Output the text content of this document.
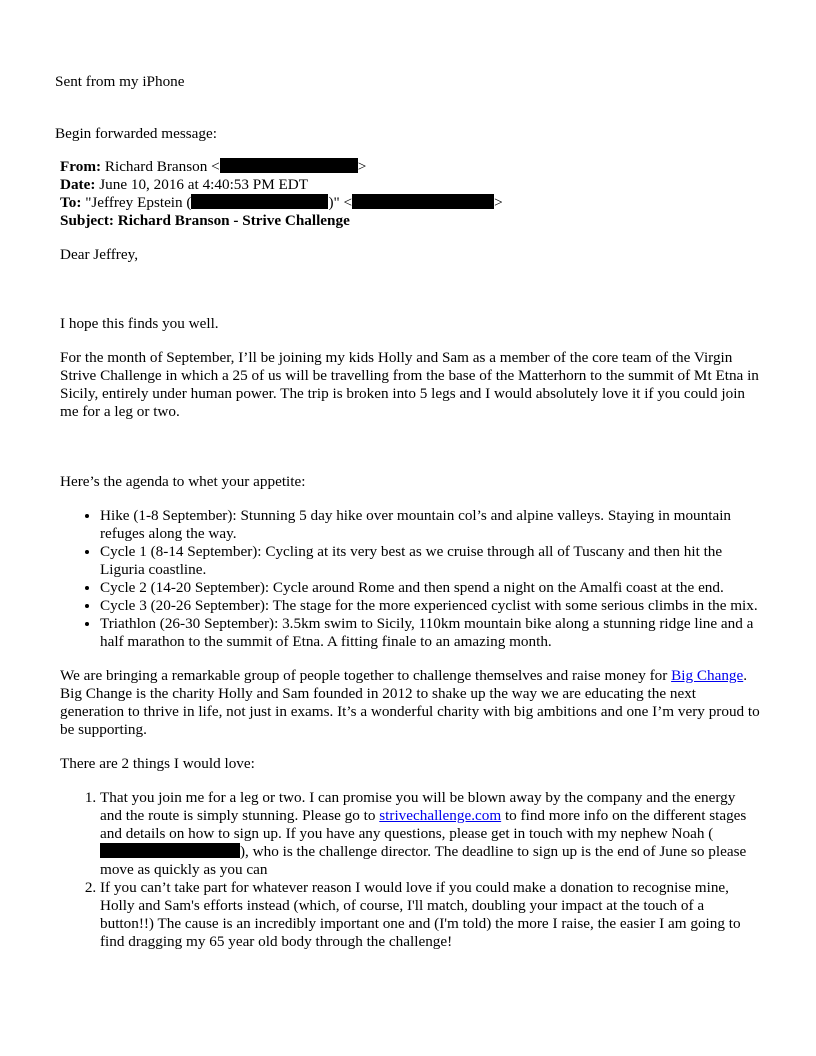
Sent from my iPhone

Begin forwarded message:

From: Richard Branson <	>

Date: June 10, 2016 at 4:40:53 PM EDT

To: "Jeffrey Epstein (	)" <	>

Subject: Richard Branson - Strive Challenge

Dear Jeffrey,

I hope this finds you well.

For the month of September, I’ll be joining my kids Holly and Sam as a member of the core team of the Virgin Strive Challenge in which a 25 of us will be travelling from the base of the Matterhorn to the summit of Mt Etna in Sicily, entirely under human power. The trip is broken into 5 legs and I would absolutely love it if you could join me for a leg or two.

Here’s the agenda to whet your appetite:

• Hike (1-8 September): Stunning 5 day hike over mountain col’s and alpine valleys. Staying in mountain refuges along the way.
• Cycle 1 (8-14 September): Cycling at its very best as we cruise through all of Tuscany and then hit the Liguria coastline.
• Cycle 2 (14-20 September): Cycle around Rome and then spend a night on the Amalfi coast at the end.
• Cycle 3 (20-26 September): The stage for the more experienced cyclist with some serious climbs in the mix.
• Triathlon (26-30 September): 3.5km swim to Sicily, 110km mountain bike along a stunning ridge line and a half marathon to the summit of Etna. A fitting finale to an amazing month.

We are bringing a remarkable group of people together to challenge themselves and raise money for Big Change. Big Change is the charity Holly and Sam founded in 2012 to shake up the way we are educating the next generation to thrive in life, not just in exams. It’s a wonderful charity with big ambitions and one I’m very proud to be supporting.

There are 2 things I would love:

1. That you join me for a leg or two. I can promise you will be blown away by the company and the energy and the route is simply stunning. Please go to strivechallenge.com to find more info on the different stages and details on how to sign up. If you have any questions, please get in touch with my nephew Noah (), who is the challenge director. The deadline to sign up is the end of June so please move as quickly as you can
2. If you can’t take part for whatever reason I would love if you could make a donation to recognise mine, Holly and Sam's efforts instead (which, of course, I'll match, doubling your impact at the touch of a button!!) The cause is an incredibly important one and (I'm told) the more I raise, the easier I am going to find dragging my 65 year old body through the challenge!
